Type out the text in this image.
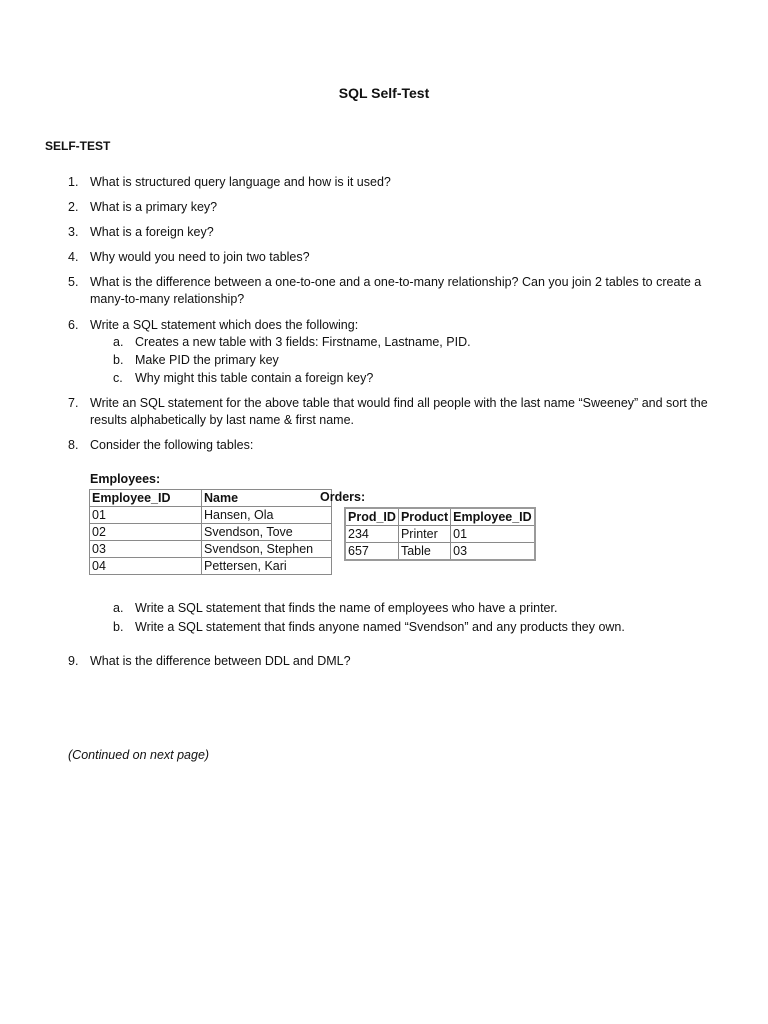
SQL Self-Test
SELF-TEST
1. What is structured query language and how is it used?
2. What is a primary key?
3. What is a foreign key?
4. Why would you need to join two tables?
5. What is the difference between a one-to-one and a one-to-many relationship? Can you join 2 tables to create a many-to-many relationship?
6. Write a SQL statement which does the following:
a. Creates a new table with 3 fields: Firstname, Lastname, PID.
b. Make PID the primary key
c. Why might this table contain a foreign key?
7. Write an SQL statement for the above table that would find all people with the last name “Sweeney” and sort the results alphabetically by last name & first name.
8. Consider the following tables:
Employees:
Employee_ID	Name
01	Hansen, Ola
02	Svendson, Tove
03	Svendson, Stephen
04	Pettersen, Kari
Orders:
Prod_ID	Product	Employee_ID
234	Printer	01
657	Table	03
a. Write a SQL statement that finds the name of employees who have a printer.
b. Write a SQL statement that finds anyone named “Svendson” and any products they own.
9. What is the difference between DDL and DML?
(Continued on next page)
